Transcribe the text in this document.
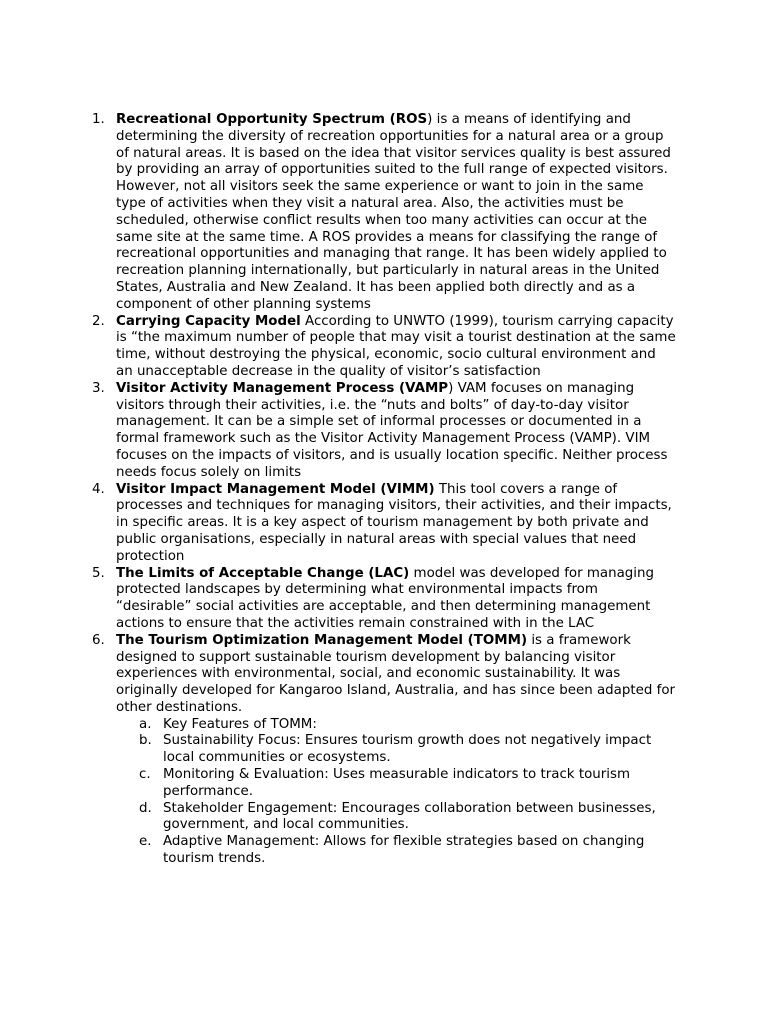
1. Recreational Opportunity Spectrum (ROS) is a means of identifying and determining the diversity of recreation opportunities for a natural area or a group of natural areas. It is based on the idea that visitor services quality is best assured by providing an array of opportunities suited to the full range of expected visitors. However, not all visitors seek the same experience or want to join in the same type of activities when they visit a natural area. Also, the activities must be scheduled, otherwise conflict results when too many activities can occur at the same site at the same time. A ROS provides a means for classifying the range of recreational opportunities and managing that range. It has been widely applied to recreation planning internationally, but particularly in natural areas in the United States, Australia and New Zealand. It has been applied both directly and as a component of other planning systems
2. Carrying Capacity Model According to UNWTO (1999), tourism carrying capacity is “the maximum number of people that may visit a tourist destination at the same time, without destroying the physical, economic, socio cultural environment and an unacceptable decrease in the quality of visitor’s satisfaction
3. Visitor Activity Management Process (VAMP) VAM focuses on managing visitors through their activities, i.e. the “nuts and bolts” of day-to-day visitor management. It can be a simple set of informal processes or documented in a formal framework such as the Visitor Activity Management Process (VAMP). VIM focuses on the impacts of visitors, and is usually location specific. Neither process needs focus solely on limits
4. Visitor Impact Management Model (VIMM) This tool covers a range of processes and techniques for managing visitors, their activities, and their impacts, in specific areas. It is a key aspect of tourism management by both private and public organisations, especially in natural areas with special values that need protection
5. The Limits of Acceptable Change (LAC) model was developed for managing protected landscapes by determining what environmental impacts from “desirable” social activities are acceptable, and then determining management actions to ensure that the activities remain constrained with in the LAC
6. The Tourism Optimization Management Model (TOMM) is a framework designed to support sustainable tourism development by balancing visitor experiences with environmental, social, and economic sustainability. It was originally developed for Kangaroo Island, Australia, and has since been adapted for other destinations.
a. Key Features of TOMM:
b. Sustainability Focus: Ensures tourism growth does not negatively impact local communities or ecosystems.
c. Monitoring & Evaluation: Uses measurable indicators to track tourism performance.
d. Stakeholder Engagement: Encourages collaboration between businesses, government, and local communities.
e. Adaptive Management: Allows for flexible strategies based on changing tourism trends.
